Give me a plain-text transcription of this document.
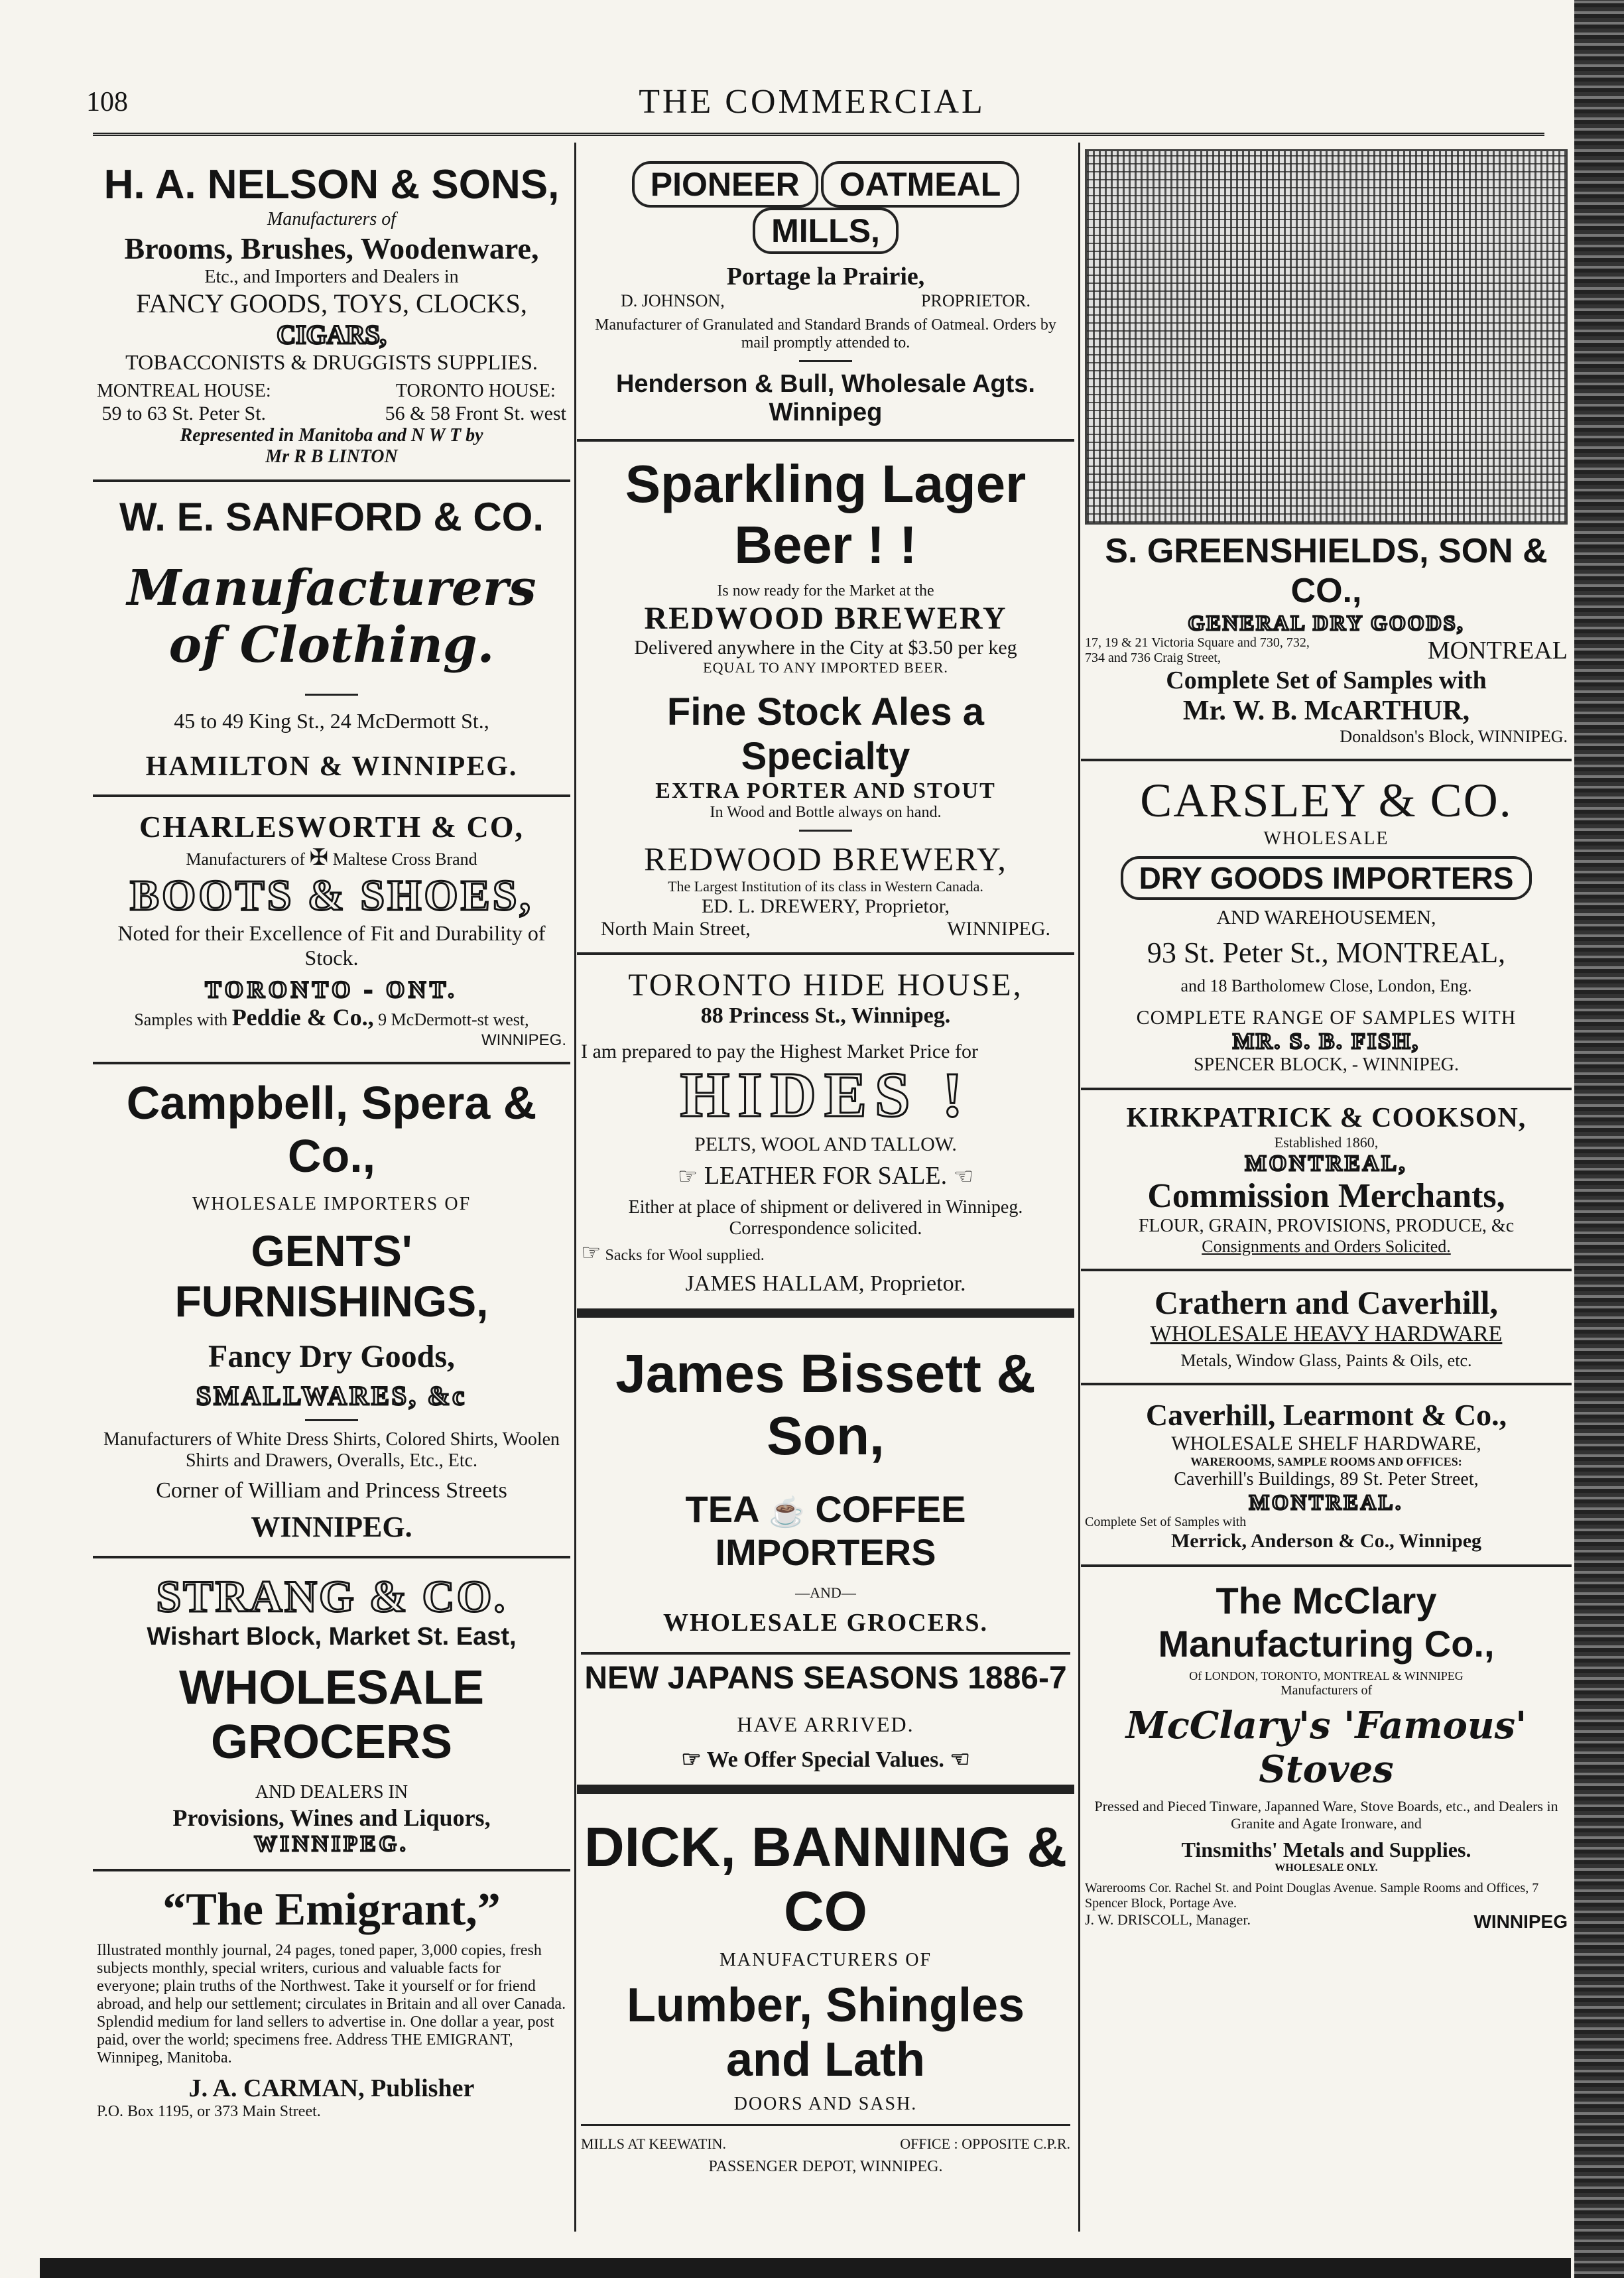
108	THE COMMERCIAL
H. A. NELSON & SONS,
Manufacturers of
Brooms, Brushes, Woodenware,
Etc., and Importers and Dealers in
FANCY GOODS, TOYS, CLOCKS,
CIGARS,
TOBACCONISTS & DRUGGISTS SUPPLIES.
MONTREAL HOUSE:
59 to 63 St. Peter St.
TORONTO HOUSE:
56 & 58 Front St. west
Represented in Manitoba and N W T by
Mr R B LINTON
W. E. SANFORD & CO.
Manufacturers of Clothing.
45 to 49 King St., 24 McDermott St.,
HAMILTON & WINNIPEG.
CHARLESWORTH & CO,
Manufacturers of ✠ Maltese Cross Brand
BOOTS & SHOES,
Noted for their Excellence of Fit and Durability of Stock.
TORONTO - ONT.
Samples with Peddie & Co., 9 McDermott-st west,
WINNIPEG.
Campbell, Spera & Co.,
WHOLESALE IMPORTERS OF
GENTS' FURNISHINGS,
Fancy Dry Goods,
SMALLWARES, &c
Manufacturers of White Dress Shirts, Colored Shirts, Woolen Shirts and Drawers, Overalls, Etc., Etc.
Corner of William and Princess Streets
WINNIPEG.
STRANG & CO.
Wishart Block, Market St. East,
WHOLESALE GROCERS
AND DEALERS IN
Provisions, Wines and Liquors,
WINNIPEG.
“The Emigrant,”
Illustrated monthly journal, 24 pages, toned paper, 3,000 copies, fresh subjects monthly, special writers, curious and valuable facts for everyone; plain truths of the Northwest. Take it yourself or for friend abroad, and help our settlement; circulates in Britain and all over Canada. Splendid medium for land sellers to advertise in. One dollar a year, post paid, over the world; specimens free. Address THE EMIGRANT, Winnipeg, Manitoba.
J. A. CARMAN, Publisher
P.O. Box 1195, or 373 Main Street.
PIONEER OATMEAL MILLS,
Portage la Prairie,
D. JOHNSON,	PROPRIETOR.
Manufacturer of Granulated and Standard Brands of Oatmeal. Orders by mail promptly attended to.
Henderson & Bull, Wholesale Agts. Winnipeg
Sparkling Lager Beer ! !
Is now ready for the Market at the
REDWOOD BREWERY
Delivered anywhere in the City at $3.50 per keg
EQUAL TO ANY IMPORTED BEER.
Fine Stock Ales a Specialty
EXTRA PORTER AND STOUT
In Wood and Bottle always on hand.
REDWOOD BREWERY,
The Largest Institution of its class in Western Canada.
ED. L. DREWERY, Proprietor,
North Main Street,	WINNIPEG.
TORONTO HIDE HOUSE,
88 Princess St., Winnipeg.
I am prepared to pay the Highest Market Price for
HIDES !
PELTS, WOOL AND TALLOW.
☞ LEATHER FOR SALE. ☜
Either at place of shipment or delivered in Winnipeg. Correspondence solicited.
☞ Sacks for Wool supplied.
JAMES HALLAM, Proprietor.
James Bissett & Son,
TEA ☕ COFFEE IMPORTERS
—AND—
WHOLESALE GROCERS.
NEW JAPANS SEASONS 1886-7
HAVE ARRIVED.
☞ We Offer Special Values. ☜
DICK, BANNING & CO
MANUFACTURERS OF
Lumber, Shingles and Lath
DOORS AND SASH.
MILLS AT KEEWATIN.	OFFICE : OPPOSITE C.P.R.
PASSENGER DEPOT, WINNIPEG.
S. GREENSHIELDS, SON & CO.,
GENERAL DRY GOODS,
17, 19 & 21 Victoria Square and 730, 732, 734 and 736 Craig Street,	MONTREAL
Complete Set of Samples with
Mr. W. B. McARTHUR,
Donaldson's Block, WINNIPEG.
CARSLEY & CO.
WHOLESALE
DRY GOODS IMPORTERS
AND WAREHOUSEMEN,
93 St. Peter St., MONTREAL,
and 18 Bartholomew Close, London, Eng.
COMPLETE RANGE OF SAMPLES WITH
MR. S. B. FISH,
SPENCER BLOCK, - WINNIPEG.
KIRKPATRICK & COOKSON,
Established 1860,
MONTREAL,
Commission Merchants,
FLOUR, GRAIN, PROVISIONS, PRODUCE, &c
Consignments and Orders Solicited.
Crathern and Caverhill,
WHOLESALE HEAVY HARDWARE
Metals, Window Glass, Paints & Oils, etc.
Caverhill, Learmont & Co.,
WHOLESALE SHELF HARDWARE,
WAREROOMS, SAMPLE ROOMS AND OFFICES:
Caverhill's Buildings, 89 St. Peter Street,
MONTREAL.
Complete Set of Samples with
Merrick, Anderson & Co., Winnipeg
The McClary Manufacturing Co.,
Of LONDON, TORONTO, MONTREAL & WINNIPEG
Manufacturers of
McClary's 'Famous' Stoves
Pressed and Pieced Tinware, Japanned Ware, Stove Boards, etc., and Dealers in Granite and Agate Ironware, and
Tinsmiths' Metals and Supplies.
WHOLESALE ONLY.
Warerooms Cor. Rachel St. and Point Douglas Avenue. Sample Rooms and Offices, 7 Spencer Block, Portage Ave.
J. W. DRISCOLL, Manager.	WINNIPEG
